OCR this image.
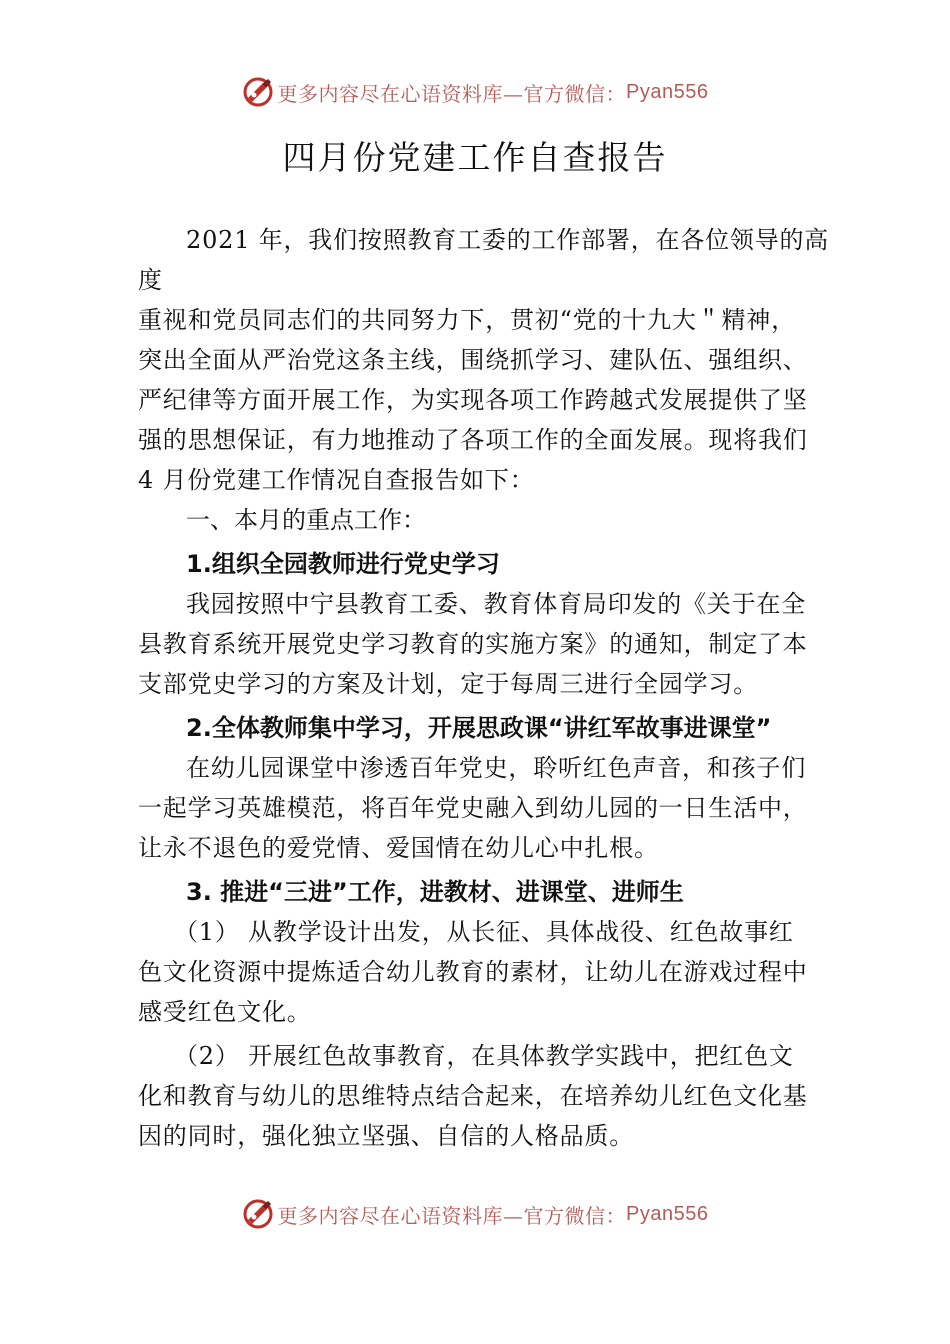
更多内容尽在心语资料库—官方微信： Pyan556
四月份党建工作自查报告

2021 年，我们按照教育工委的工作部署，在各位领导的高度

重视和党员同志们的共同努力下，贯初“党的十九大＂精神，

突出全面从严治党这条主线，围绕抓学习、建队伍、强组织、

严纪律等方面开展工作，为实现各项工作跨越式发展提供了坚

强的思想保证，有力地推动了各项工作的全面发展。现将我们

4 月份党建工作情况自查报告如下：

一、本月的重点工作：

1.组织全园教师进行党史学习

我园按照中宁县教育工委、教育体育局印发的《关于在全

县教育系统开展党史学习教育的实施方案》的通知，制定了本

支部党史学习的方案及计划，定于每周三进行全园学习。

2.全体教师集中学习，开展思政课“讲红军故事进课堂”

在幼儿园课堂中渗透百年党史，聆听红色声音，和孩子们

一起学习英雄模范，将百年党史融入到幼儿园的一日生活中，

让永不退色的爱党情、爱国情在幼儿心中扎根。

3. 推进“三进”工作，进教材、进课堂、进师生

（1） 从教学设计出发，从长征、具体战役、红色故事红

色文化资源中提炼适合幼儿教育的素材，让幼儿在游戏过程中

感受红色文化。

（2） 开展红色故事教育，在具体教学实践中，把红色文

化和教育与幼儿的思维特点结合起来，在培养幼儿红色文化基

因的同时，强化独立坚强、自信的人格品质。

更多内容尽在心语资料库—官方微信： Pyan556
